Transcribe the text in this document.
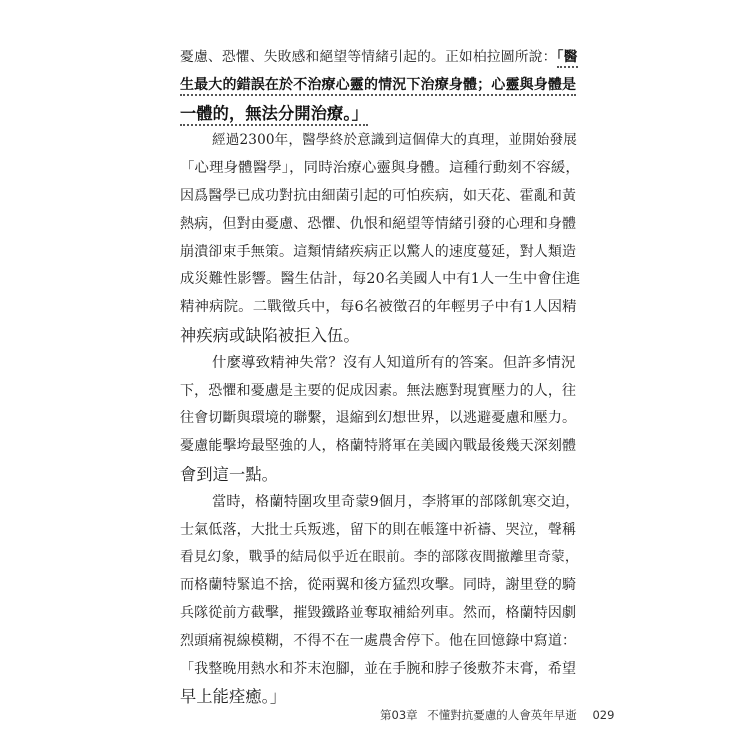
憂慮、恐懼、失敗感和絕望等情緒引起的。正如柏拉圖所說：「醫
生最大的錯誤在於不治療心靈的情況下治療身體；心靈與身體是
一體的，無法分開治療。」
經過2300年，醫學終於意識到這個偉大的真理，並開始發展
「心理身體醫學」，同時治療心靈與身體。這種行動刻不容緩，
因爲醫學已成功對抗由細菌引起的可怕疾病，如天花、霍亂和黃
熱病，但對由憂慮、恐懼、仇恨和絕望等情緒引發的心理和身體
崩潰卻束手無策。這類情緒疾病正以驚人的速度蔓延，對人類造
成災難性影響。醫生估計，每20名美國人中有1人一生中會住進
精神病院。二戰徵兵中，每6名被徵召的年輕男子中有1人因精
神疾病或缺陷被拒入伍。
什麼導致精神失常？沒有人知道所有的答案。但許多情況
下，恐懼和憂慮是主要的促成因素。無法應對現實壓力的人，往
往會切斷與環境的聯繫，退縮到幻想世界，以逃避憂慮和壓力。
憂慮能擊垮最堅強的人，格蘭特將軍在美國內戰最後幾天深刻體
會到這一點。
當時，格蘭特圍攻里奇蒙9個月，李將軍的部隊飢寒交迫，
士氣低落，大批士兵叛逃，留下的則在帳篷中祈禱、哭泣，聲稱
看見幻象，戰爭的結局似乎近在眼前。李的部隊夜間撤離里奇蒙，
而格蘭特緊追不捨，從兩翼和後方猛烈攻擊。同時，謝里登的騎
兵隊從前方截擊，摧毀鐵路並奪取補給列車。然而，格蘭特因劇
烈頭痛視線模糊，不得不在一處農舍停下。他在回憶錄中寫道：
「我整晚用熱水和芥末泡腳，並在手腕和脖子後敷芥末膏，希望
早上能痊癒。」
第03章 不懂對抗憂慮的人會英年早逝 029
